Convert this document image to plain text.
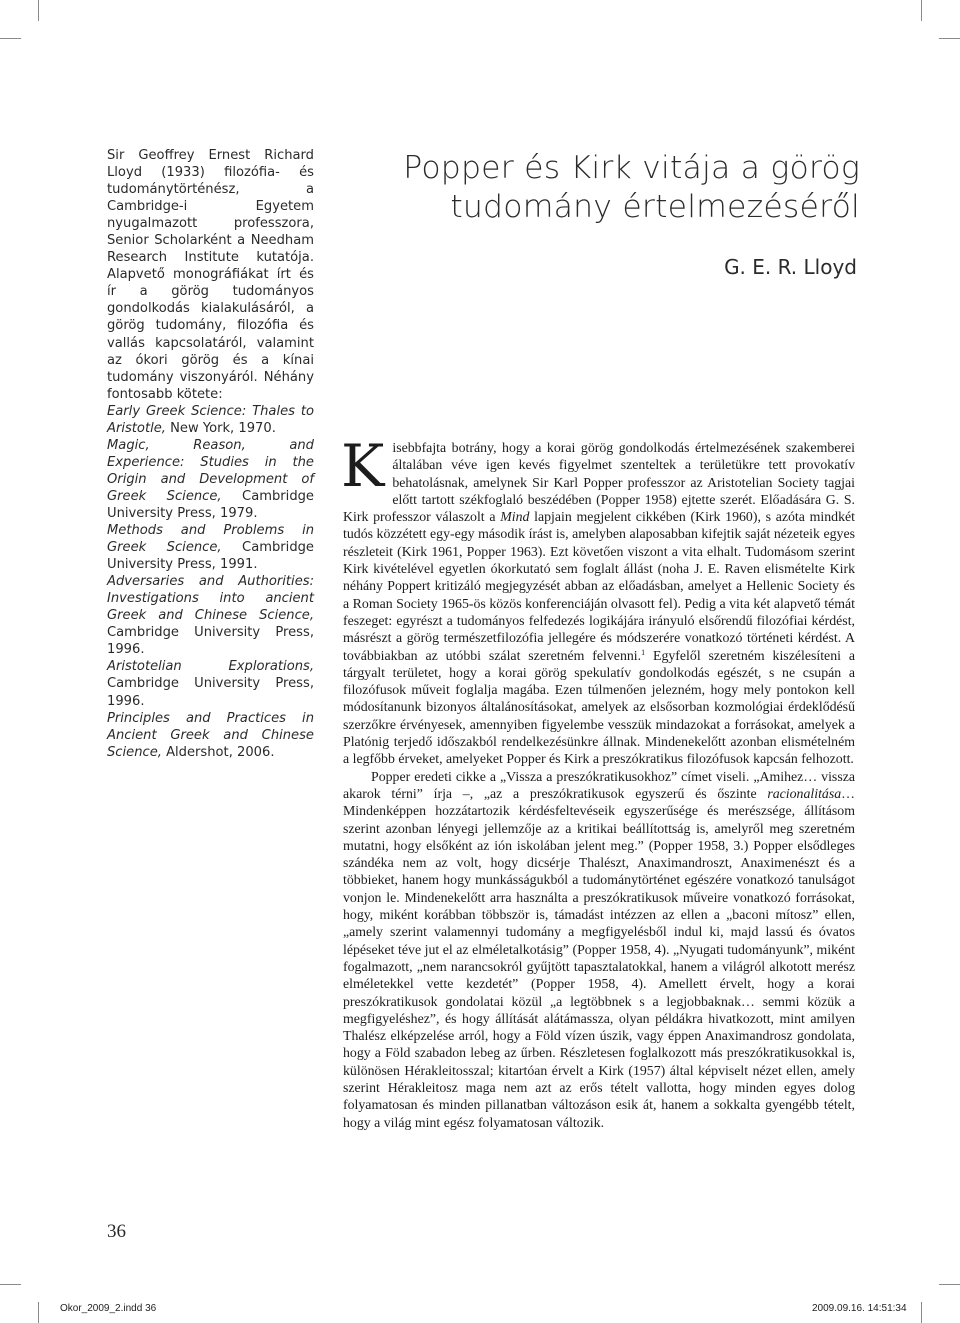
Sir Geoffrey Ernest Richard Lloyd (1933) filozófia- és tudománytörténész, a Cambridge-i Egyetem nyugalmazott professzora, Senior Scholarként a Needham Research Institute kutatója. Alapvető monográfiákat írt és ír a görög tudományos gondolkodás kialakulásáról, a görög tudomány, filozófia és vallás kapcsolatáról, valamint az ókori görög és a kínai tudomány viszonyáról. Néhány fontosabb kötete:
Early Greek Science: Thales to Aristotle, New York, 1970.
Magic, Reason, and Experience: Studies in the Origin and Development of Greek Science, Cambridge University Press, 1979.
Methods and Problems in Greek Science, Cambridge University Press, 1991.
Adversaries and Authorities: Investigations into ancient Greek and Chinese Science, Cambridge University Press, 1996.
Aristotelian Explorations, Cambridge University Press, 1996.
Principles and Practices in Ancient Greek and Chinese Science, Aldershot, 2006.
Popper és Kirk vitája a görög
tudomány értelmezéséről
G. E. R. Lloyd

Kisebbfajta botrány, hogy a korai görög gondolkodás értelmezésének szakemberei általában véve igen kevés figyelmet szenteltek a területükre tett provokatív behatolásnak, amelynek Sir Karl Popper professzor az Aristotelian Society tagjai előtt tartott székfoglaló beszédében (Popper 1958) ejtette szerét. Előadására G. S. Kirk professzor válaszolt a Mind lapjain megjelent cikkében (Kirk 1960), s azóta mindkét tudós közzétett egy-egy második írást is, amelyben alaposabban kifejtik saját nézeteik egyes részleteit (Kirk 1961, Popper 1963). Ezt követően viszont a vita elhalt. Tudomásom szerint Kirk kivételével egyetlen ókorkutató sem foglalt állást (noha J. E. Raven elismételte Kirk néhány Poppert kritizáló megjegyzését abban az előadásban, amelyet a Hellenic Society és a Roman Society 1965-ös közös konferenciáján olvasott fel). Pedig a vita két alapvető témát feszeget: egyrészt a tudományos felfedezés logikájára irányuló elsőrendű filozófiai kérdést, másrészt a görög természetfilozófia jellegére és módszerére vonatkozó történeti kérdést. A továbbiakban az utóbbi szálat szeretném felvenni.$^1$ Egyfelől szeretném kiszélesíteni a tárgyalt területet, hogy a korai görög spekulatív gondolkodás egészét, s ne csupán a filozófusok műveit foglalja magába. Ezen túlmenően jelezném, hogy mely pontokon kell módosítanunk bizonyos általánosításokat, amelyek az elsősorban kozmológiai érdeklődésű szerzőkre érvényesek, amennyiben figyelembe vesszük mindazokat a forrásokat, amelyek a Platónig terjedő időszakból rendelkezésünkre állnak. Mindenekelőtt azonban elismételném a legfőbb érveket, amelyeket Popper és Kirk a preszókratikus filozófusok kapcsán felhozott.

Popper eredeti cikke a „Vissza a preszókratikusokhoz” címet viseli. „Amihez… vissza akarok térni” írja –, „az a preszókratikusok egyszerű és őszinte racionalitása… Mindenképpen hozzátartozik kérdésfeltevéseik egyszerűsége és merészsége, állításom szerint azonban lényegi jellemzője az a kritikai beállítottság is, amelyről meg szeretném mutatni, hogy elsőként az ión iskolában jelent meg.” (Popper 1958, 3.) Popper elsődleges szándéka nem az volt, hogy dicsérje Thalészt, Anaximandroszt, Anaximenészt és a többieket, hanem hogy munkásságukból a tudománytörténet egészére vonatkozó tanulságot vonjon le. Mindenekelőtt arra használta a preszókratikusok műveire vonatkozó forrásokat, hogy, miként korábban többször is, támadást intézzen az ellen a „baconi mítosz” ellen, „amely szerint valamennyi tudomány a megfigyelésből indul ki, majd lassú és óvatos lépéseket téve jut el az elméletalkotásig” (Popper 1958, 4). „Nyugati tudományunk”, miként fogalmazott, „nem narancsokról gyűjtött tapasztalatokkal, hanem a világról alkotott merész elméletekkel vette kezdetét” (Popper 1958, 4). Amellett érvelt, hogy a korai preszókratikusok gondolatai közül „a legtöbbnek s a legjobbaknak… semmi közük a megfigyeléshez”, és hogy állítását alátámassza, olyan példákra hivatkozott, mint amilyen Thalész elképzelése arról, hogy a Föld vízen úszik, vagy éppen Anaximandrosz gondolata, hogy a Föld szabadon lebeg az űrben. Részletesen foglalkozott más preszókratikusokkal is, különösen Hérakleitosszal; kitartóan érvelt a Kirk (1957) által képviselt nézet ellen, amely szerint Hérakleitosz maga nem azt az erős tételt vallotta, hogy minden egyes dolog folyamatosan és minden pillanatban változáson esik át, hanem a sokkalta gyengébb tételt, hogy a világ mint egész folyamatosan változik.

36
Okor_2009_2.indd 36	2009.09.16. 14:51:34
